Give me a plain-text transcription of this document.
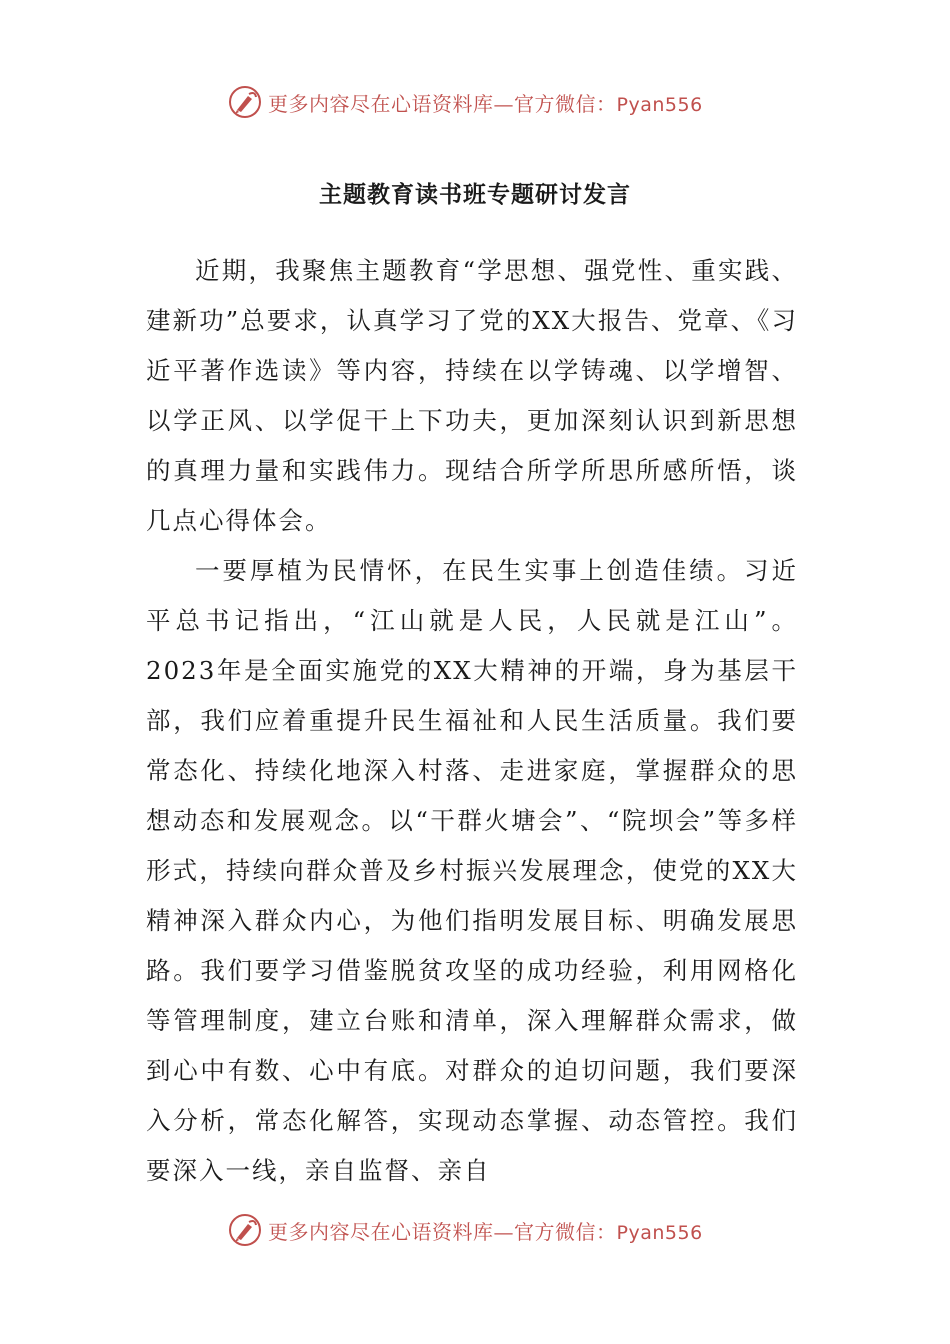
更多内容尽在心语资料库—官方微信：Pyan556
主题教育读书班专题研讨发言

近期，我聚焦主题教育“学思想、强党性、重实践、建新功”总要求，认真学习了党的XX大报告、党章、《习近平著作选读》等内容，持续在以学铸魂、以学增智、以学正风、以学促干上下功夫，更加深刻认识到新思想的真理力量和实践伟力。现结合所学所思所感所悟，谈几点心得体会。

一要厚植为民情怀，在民生实事上创造佳绩。习近平总书记指出，“江山就是人民，人民就是江山”。2023年是全面实施党的XX大精神的开端，身为基层干部，我们应着重提升民生福祉和人民生活质量。我们要常态化、持续化地深入村落、走进家庭，掌握群众的思想动态和发展观念。以“干群火塘会”、“院坝会”等多样形式，持续向群众普及乡村振兴发展理念，使党的XX大精神深入群众内心，为他们指明发展目标、明确发展思路。我们要学习借鉴脱贫攻坚的成功经验，利用网格化等管理制度，建立台账和清单，深入理解群众需求，做到心中有数、心中有底。对群众的迫切问题，我们要深入分析，常态化解答，实现动态掌握、动态管控。我们要深入一线，亲自监督、亲自

更多内容尽在心语资料库—官方微信：Pyan556
